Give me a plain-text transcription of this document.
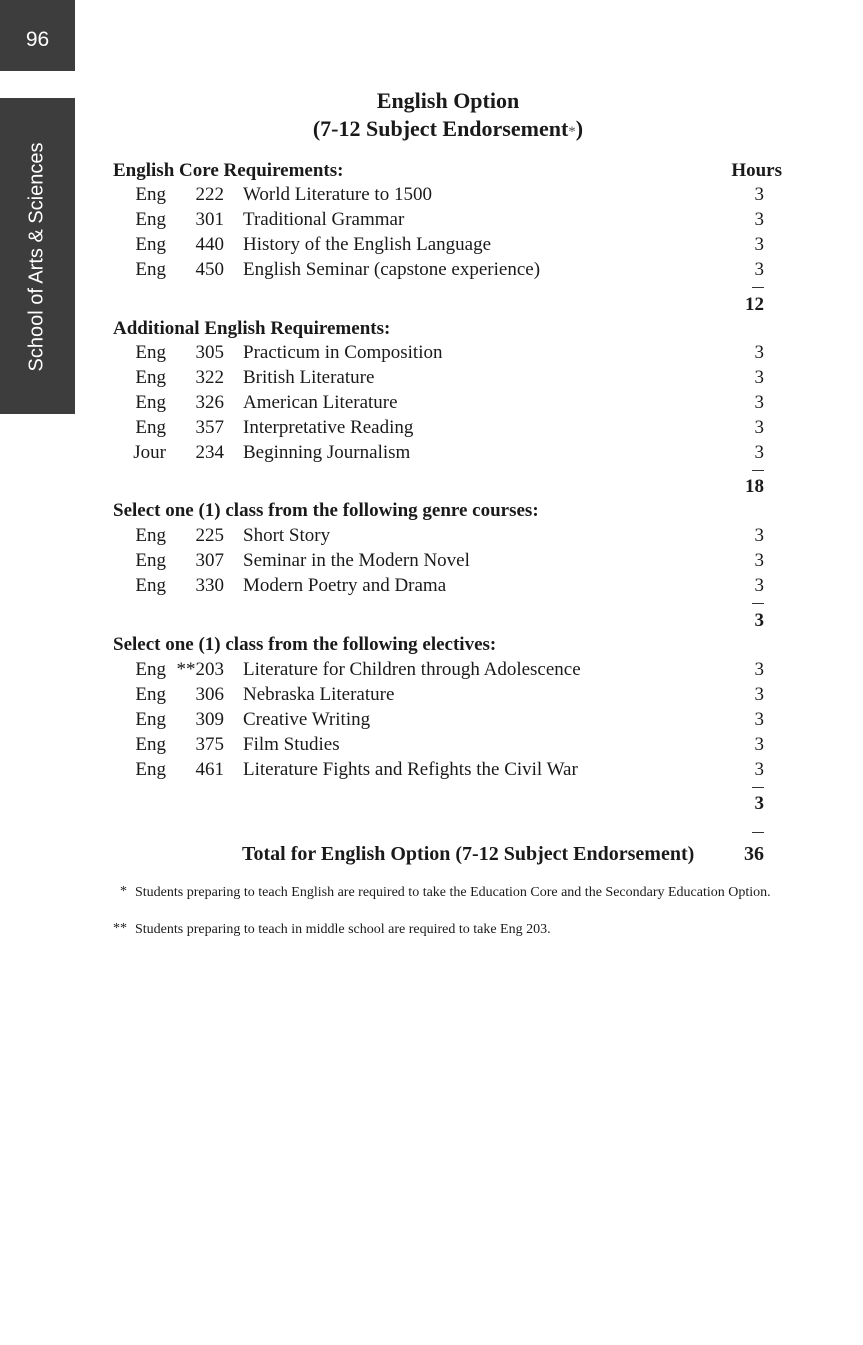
96
School of Arts & Sciences
English Option
(7-12 Subject Endorsement*)
Hours
English Core Requirements:
Eng	222 World Literature to 1500	3
Eng	301 Traditional Grammar	3
Eng	440 History of the English Language	3
Eng	450 English Seminar (capstone experience)	3
12
Additional English Requirements:
Eng	305 Practicum in Composition	3
Eng	322 British Literature	3
Eng	326 American Literature	3
Eng	357 Interpretative Reading	3
Jour	234 Beginning Journalism	3
18
Select one (1) class from the following genre courses:
Eng	225 Short Story	3
Eng	307 Seminar in the Modern Novel	3
Eng	330 Modern Poetry and Drama	3
3
Select one (1) class from the following electives:
Eng **203 Literature for Children through Adolescence	3
Eng	306 Nebraska Literature	3
Eng	309 Creative Writing	3
Eng	375 Film Studies	3
Eng	461 Literature Fights and Refights the Civil War	3
3
Total for English Option (7-12 Subject Endorsement)	36
* Students preparing to teach English are required to take the Education Core and the Secondary Education Option.
** Students preparing to teach in middle school are required to take Eng 203.
